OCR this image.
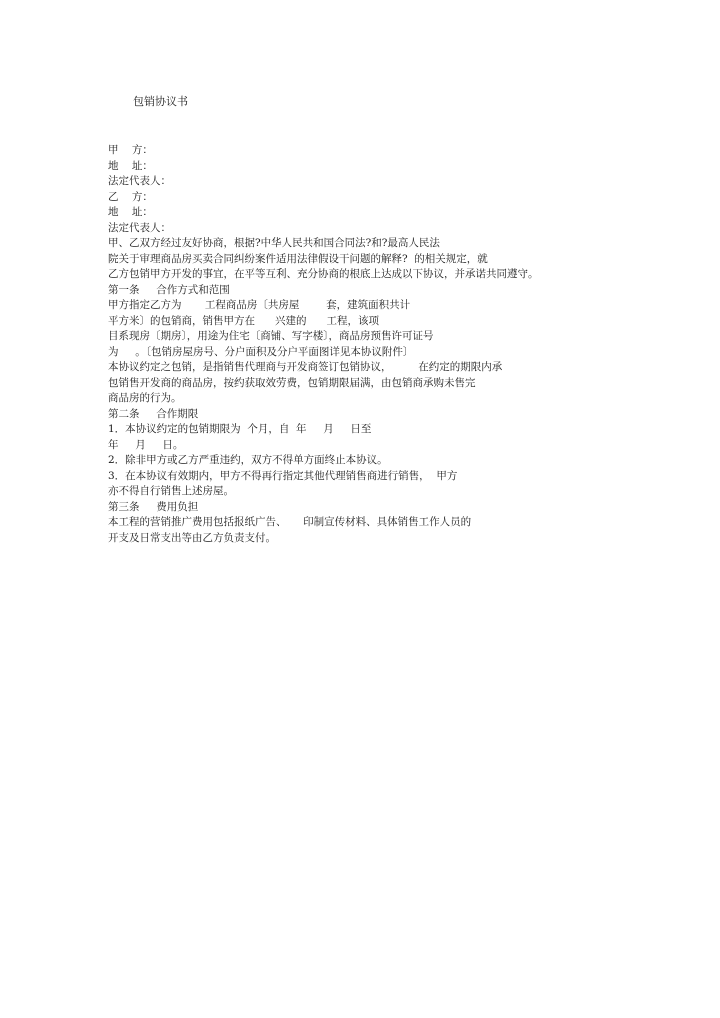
包销协议书
甲    方：
地    址：
法定代表人：
乙    方：
地    址：
法定代表人：
甲、乙双方经过友好协商，根据?中华人民共和国合同法?和?最高人民法
院关于审理商品房买卖合同纠纷案件适用法律假设干问题的解释?  的相关规定，就
乙方包销甲方开发的事宜，在平等互利、充分协商的根底上达成以下协议，并承诺共同遵守。
第一条     合作方式和范围
甲方指定乙方为       工程商品房〔共房屋        套，建筑面积共计
平方米〕的包销商，销售甲方在      兴建的      工程，该项
目系现房〔期房〕，用途为住宅〔商铺、写字楼〕，商品房预售许可证号
为     。〔包销房屋房号、分户面积及分户平面图详见本协议附件〕
本协议约定之包销，是指销售代理商与开发商签订包销协议，        在约定的期限内承
包销售开发商的商品房，按约获取效劳费，包销期限届满，由包销商承购未售完
商品房的行为。
第二条     合作期限
1．本协议约定的包销期限为  个月，自  年     月     日至
年     月     日。
2．除非甲方或乙方严重违约，双方不得单方面终止本协议。
3．在本协议有效期内，甲方不得再行指定其他代理销售商进行销售，  甲方
亦不得自行销售上述房屋。
第三条     费用负担
本工程的营销推广费用包括报纸广告、     印制宣传材料、具体销售工作人员的
开支及日常支出等由乙方负责支付。
